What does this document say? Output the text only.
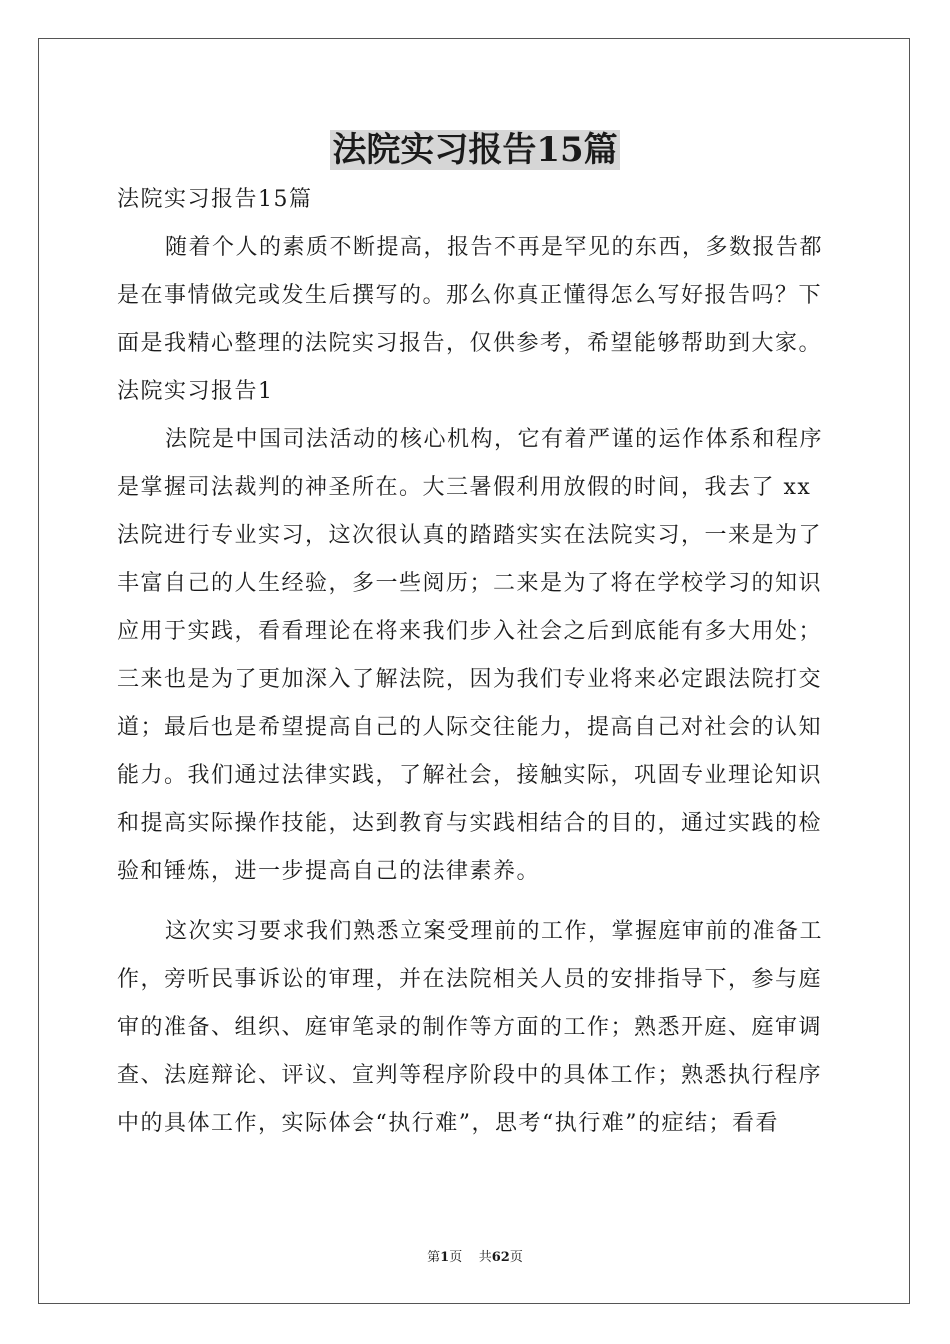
法院实习报告15篇
法院实习报告15篇
随着个人的素质不断提高，报告不再是罕见的东西，多数报告都
是在事情做完或发生后撰写的。那么你真正懂得怎么写好报告吗？下
面是我精心整理的法院实习报告，仅供参考，希望能够帮助到大家。
法院实习报告1
法院是中国司法活动的核心机构，它有着严谨的运作体系和程序
是掌握司法裁判的神圣所在。大三暑假利用放假的时间，我去了 xx
法院进行专业实习，这次很认真的踏踏实实在法院实习，一来是为了
丰富自己的人生经验，多一些阅历；二来是为了将在学校学习的知识
应用于实践，看看理论在将来我们步入社会之后到底能有多大用处；
三来也是为了更加深入了解法院，因为我们专业将来必定跟法院打交
道；最后也是希望提高自己的人际交往能力，提高自己对社会的认知
能力。我们通过法律实践，了解社会，接触实际，巩固专业理论知识
和提高实际操作技能，达到教育与实践相结合的目的，通过实践的检
验和锤炼，进一步提高自己的法律素养。
这次实习要求我们熟悉立案受理前的工作，掌握庭审前的准备工
作，旁听民事诉讼的审理，并在法院相关人员的安排指导下，参与庭
审的准备、组织、庭审笔录的制作等方面的工作；熟悉开庭、庭审调
查、法庭辩论、评议、宣判等程序阶段中的具体工作；熟悉执行程序
中的具体工作，实际体会“执行难”，思考“执行难”的症结；看看
第1页 共62页
